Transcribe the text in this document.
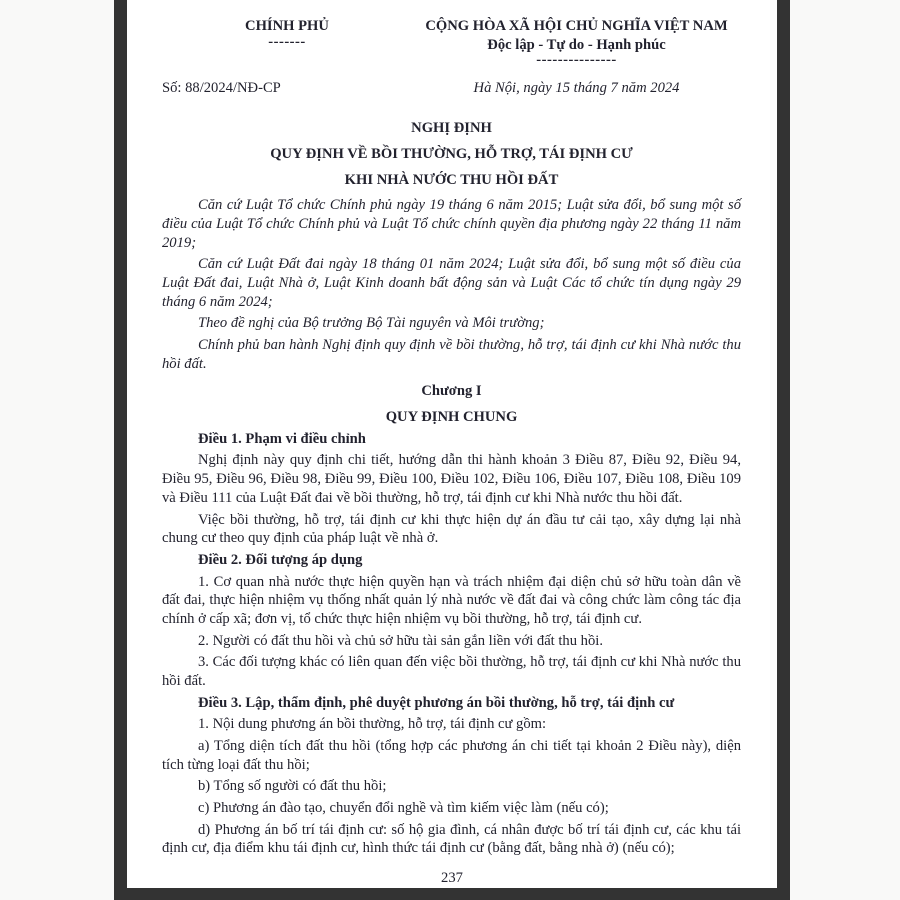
CHÍNH PHỦ
-------
CỘNG HÒA XÃ HỘI CHỦ NGHĨA VIỆT NAM
Độc lập - Tự do - Hạnh phúc
---------------
Số: 88/2024/NĐ-CP	Hà Nội, ngày 15 tháng 7 năm 2024
NGHỊ ĐỊNH
QUY ĐỊNH VỀ BỒI THƯỜNG, HỖ TRỢ, TÁI ĐỊNH CƯ
KHI NHÀ NƯỚC THU HỒI ĐẤT

Căn cứ Luật Tổ chức Chính phủ ngày 19 tháng 6 năm 2015; Luật sửa đổi, bổ sung một số điều của Luật Tổ chức Chính phủ và Luật Tổ chức chính quyền địa phương ngày 22 tháng 11 năm 2019;

Căn cứ Luật Đất đai ngày 18 tháng 01 năm 2024; Luật sửa đổi, bổ sung một số điều của Luật Đất đai, Luật Nhà ở, Luật Kinh doanh bất động sản và Luật Các tổ chức tín dụng ngày 29 tháng 6 năm 2024;

Theo đề nghị của Bộ trưởng Bộ Tài nguyên và Môi trường;

Chính phủ ban hành Nghị định quy định về bồi thường, hỗ trợ, tái định cư khi Nhà nước thu hồi đất.

Chương I
QUY ĐỊNH CHUNG

Điều 1. Phạm vi điều chỉnh

Nghị định này quy định chi tiết, hướng dẫn thi hành khoản 3 Điều 87, Điều 92, Điều 94, Điều 95, Điều 96, Điều 98, Điều 99, Điều 100, Điều 102, Điều 106, Điều 107, Điều 108, Điều 109 và Điều 111 của Luật Đất đai về bồi thường, hỗ trợ, tái định cư khi Nhà nước thu hồi đất.

Việc bồi thường, hỗ trợ, tái định cư khi thực hiện dự án đầu tư cải tạo, xây dựng lại nhà chung cư theo quy định của pháp luật về nhà ở.

Điều 2. Đối tượng áp dụng

1. Cơ quan nhà nước thực hiện quyền hạn và trách nhiệm đại diện chủ sở hữu toàn dân về đất đai, thực hiện nhiệm vụ thống nhất quản lý nhà nước về đất đai và công chức làm công tác địa chính ở cấp xã; đơn vị, tổ chức thực hiện nhiệm vụ bồi thường, hỗ trợ, tái định cư.

2. Người có đất thu hồi và chủ sở hữu tài sản gắn liền với đất thu hồi.

3. Các đối tượng khác có liên quan đến việc bồi thường, hỗ trợ, tái định cư khi Nhà nước thu hồi đất.

Điều 3. Lập, thẩm định, phê duyệt phương án bồi thường, hỗ trợ, tái định cư

1. Nội dung phương án bồi thường, hỗ trợ, tái định cư gồm:

a) Tổng diện tích đất thu hồi (tổng hợp các phương án chi tiết tại khoản 2 Điều này), diện tích từng loại đất thu hồi;

b) Tổng số người có đất thu hồi;

c) Phương án đào tạo, chuyển đổi nghề và tìm kiếm việc làm (nếu có);

d) Phương án bố trí tái định cư: số hộ gia đình, cá nhân được bố trí tái định cư, các khu tái định cư, địa điểm khu tái định cư, hình thức tái định cư (bằng đất, bằng nhà ở) (nếu có);

237
